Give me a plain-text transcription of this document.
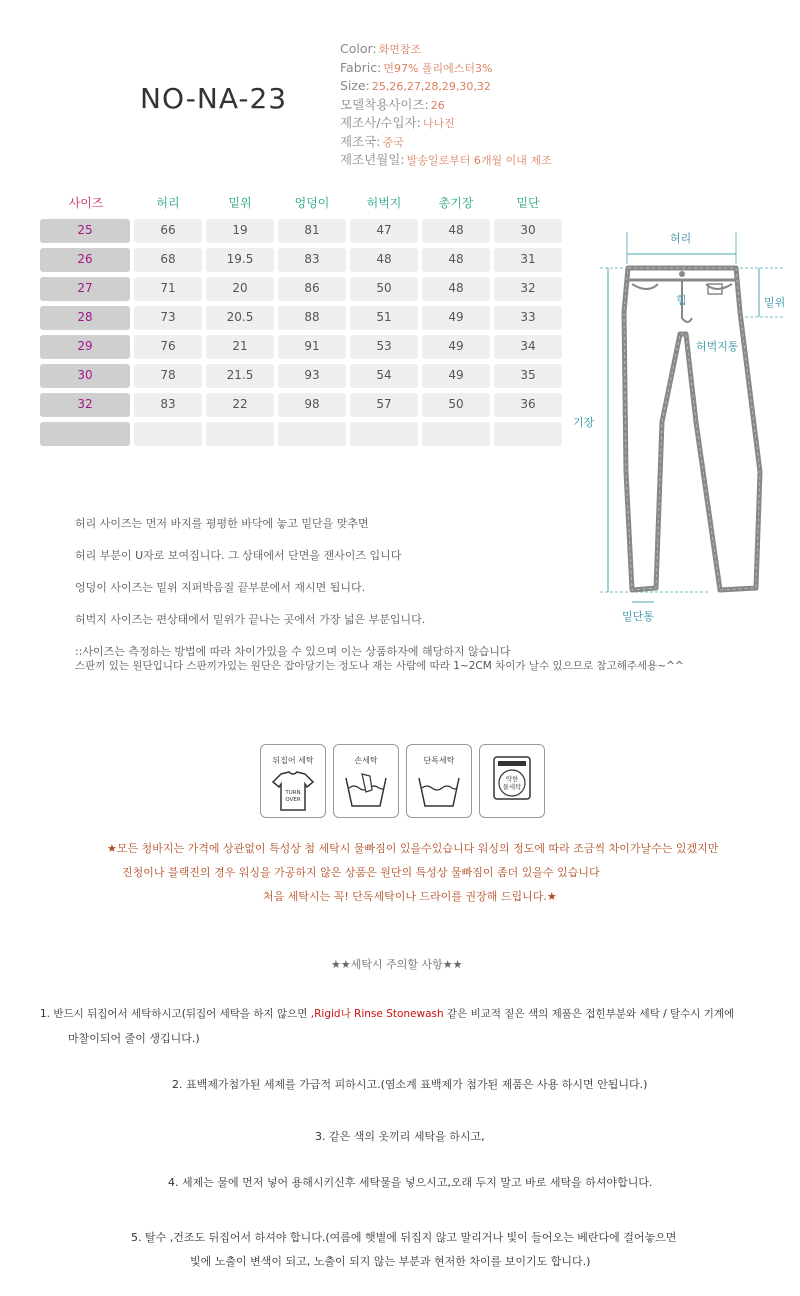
NO-NA-23
Color: 화면참조
Fabric: 면97% 폴리에스터3%
Size: 25,26,27,28,29,30,32
모델착용사이즈: 26
제조사/수입자: 나나진
제조국: 중국
제조년월일: 발송일로부터 6개월 이내 제조
사이즈	허리	밑위	엉덩이	허벅지	총기장	밑단
25	66	19	81	47	48	30
26	68	19.5	83	48	48	31
27	71	20	86	50	48	32
28	73	20.5	88	51	49	33
29	76	21	91	53	49	34
30	78	21.5	93	54	49	35
32	83	22	98	57	50	36
허리
밑위
힙
허벅지통
기장
밑단통
허리 사이즈는 먼저 바지를 평평한 바닥에 놓고 밑단을 맞추면
허리 부분이 U자로 보여집니다. 그 상태에서 단면을 잰사이즈 입니다
엉덩이 사이즈는 밑위 지퍼박음질 끝부분에서 재시면 됩니다.
허벅지 사이즈는 편상태에서 밑위가 끝나는 곳에서 가장 넓은 부분입니다.
::사이즈는 측정하는 방법에 따라 차이가있을 수 있으며 이는 상품하자에 해당하지 않습니다
스판끼 있는 원단입니다 스판끼가있는 원단은 잡아당기는 정도나 재는 사람에 따라 1~2CM 차이가 날수 있으므로 참고해주세용~^^
뒤집어 세탁
TURN
OVER
손세탁	단독세탁
약한
물세탁
★모든 청바지는 가격에 상관없이 특성상 첨 세탁시 물빠짐이 있을수있습니다 워싱의 정도에 따라 조금씩 차이가날수는 있겠지만
진청이나 블랙진의 경우 워싱을 가공하지 않은 상품은 원단의 특성상 물빠짐이 좀더 있을수 있습니다
처음 세탁시는 꼭! 단독세탁이나 드라이를 권장해 드립니다.★
★★세탁시 주의할 사항★★
1. 반드시 뒤집어서 세탁하시고(뒤집어 세탁을 하지 않으면 ,Rigid나 Rinse Stonewash 같은 비교적 짙은 색의 제품은 접힌부분와 세탁 / 탈수시 기계에
마찰이되어 줄이 생깁니다.)
2. 표백제가첨가된 세제를 가급적 피하시고.(염소계 표백제가 첨가된 제품은 사용 하시면 안됩니다.)
3. 같은 색의 옷끼리 세탁을 하시고,
4. 세제는 물에 먼저 넣어 용해시키신후 세탁물을 넣으시고,오래 두지 말고 바로 세탁을 하셔야합니다.
5. 탈수 ,건조도 뒤집어서 하셔야 합니다.(여름에 햇볕에 뒤집지 않고 말리거나 빛이 들어오는 베란다에 걸어놓으면
빛에 노출이 변색이 되고, 노출이 되지 않는 부분과 현저한 차이를 보이기도 합니다.)
